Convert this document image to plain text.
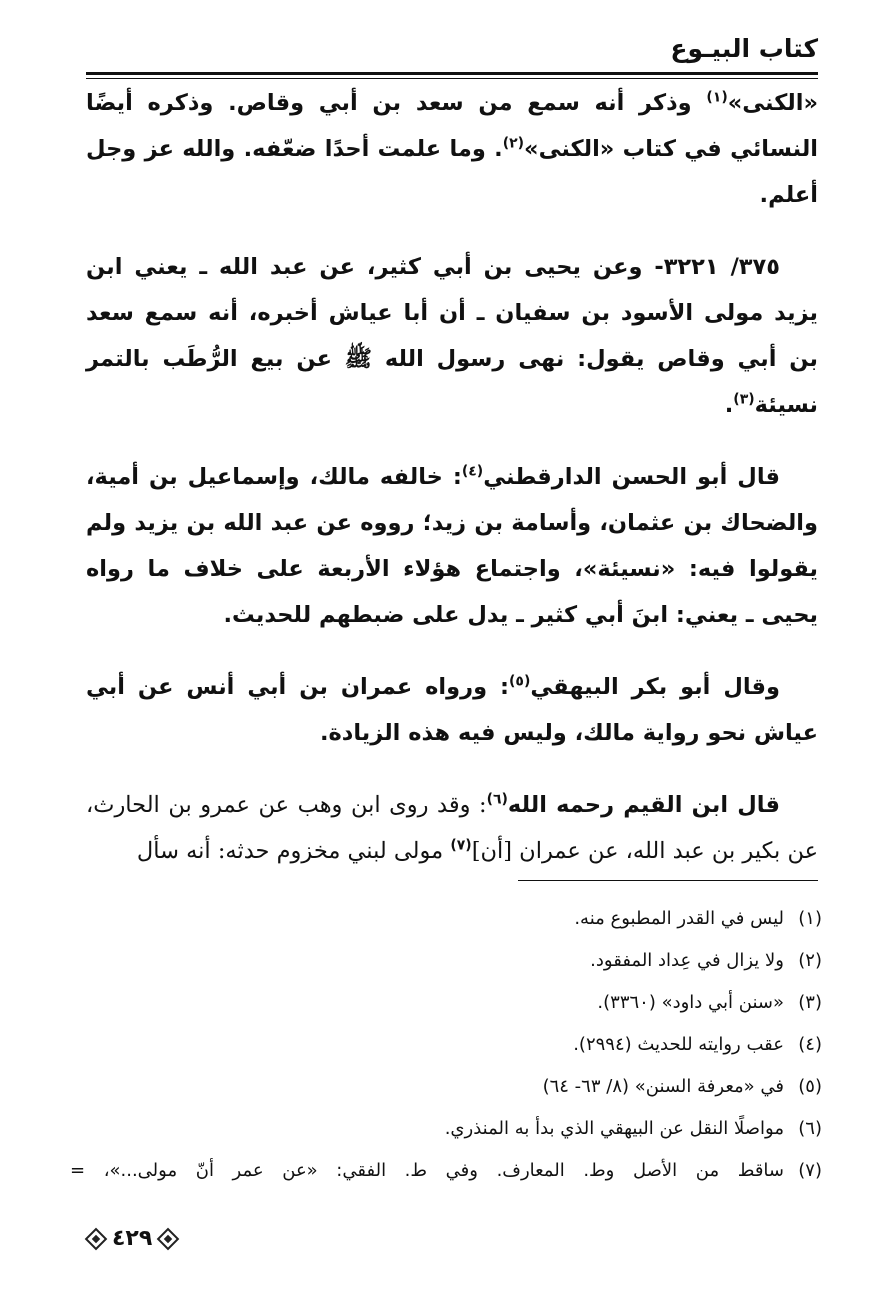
كتاب البيـوع

«الكنى»$^{(١)}$ وذكر أنه سمع من سعد بن أبي وقاص. وذكره أيضًا النسائي في كتاب «الكنى»$^{(٢)}$. وما علمت أحدًا ضعّفه. والله عز وجل أعلم.

٣٧٥/ ٣٢٢١- وعن يحيى بن أبي كثير، عن عبد الله ـ يعني ابن يزيد مولى الأسود بن سفيان ـ أن أبا عياش أخبره، أنه سمع سعد بن أبي وقاص يقول: نهى رسول الله ﷺ عن بيع الرُّطَب بالتمر نسيئة$^{(٣)}$.

قال أبو الحسن الدارقطني$^{(٤)}$: خالفه مالك، وإسماعيل بن أمية، والضحاك بن عثمان، وأسامة بن زيد؛ رووه عن عبد الله بن يزيد ولم يقولوا فيه: «نسيئة»، واجتماع هؤلاء الأربعة على خلاف ما رواه يحيى ـ يعني: ابنَ أبي كثير ـ يدل على ضبطهم للحديث.

وقال أبو بكر البيهقي$^{(٥)}$: ورواه عمران بن أبي أنس عن أبي عياش نحو رواية مالك، وليس فيه هذه الزيادة.

قال ابن القيم رحمه الله$^{(٦)}$: وقد روى ابن وهب عن عمرو بن الحارث، عن بكير بن عبد الله، عن عمران [أن]$^{(٧)}$ مولى لبني مخزوم حدثه: أنه سأل

(١)
ليس في القدر المطبوع منه.
(٢)
ولا يزال في عِداد المفقود.
(٣)
«سنن أبي داود» (٣٣٦٠).
(٤)
عقب روايته للحديث (٢٩٩٤).
(٥)
في «معرفة السنن» (٨/ ٦٣- ٦٤)
(٦)
مواصلًا النقل عن البيهقي الذي بدأ به المنذري.
(٧)
ساقط من الأصل وط. المعارف. وفي ط. الفقي: «عن عمر أنّ مولى...»، =
٤٢٩
